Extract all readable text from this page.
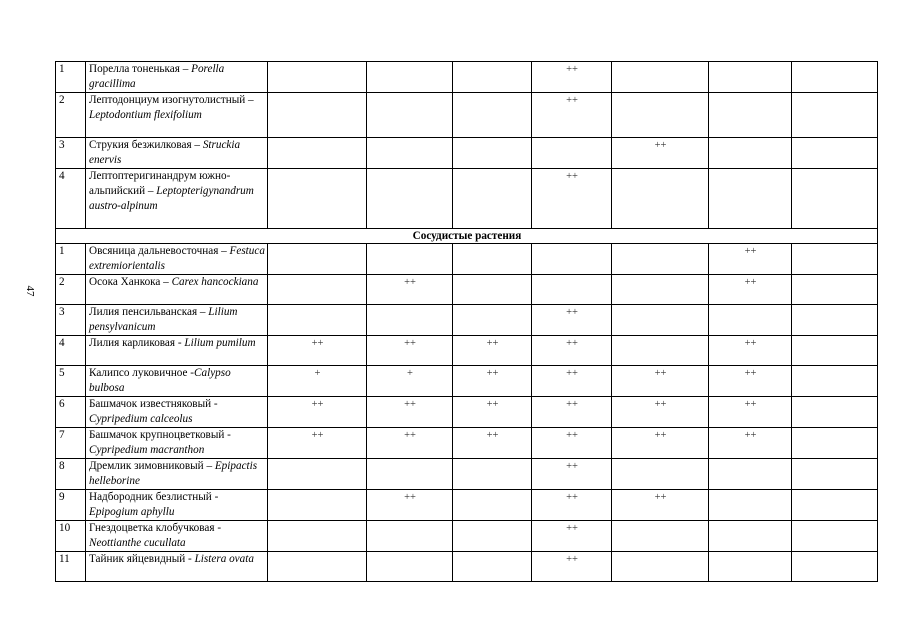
47
1	Порелла тоненькая – Porella gracillima				++			
2	Лептодонциум изогнутолистный – Leptodontium flexifolium				++			
3	Струкия безжилковая – Struckia enervis					++		
4	Лептоптеригинандрум южно-альпийский – Leptopterigynandrum austro-alpinum				++			
Сосудистые растения								
1	Овсяница дальневосточная – Festuca extremiorientalis						++	
2	Осока Ханкока – Carex hancockiana		++				++	
3	Лилия пенсильванская – Lilium pensylvanicum				++			
4	Лилия карликовая - Lilium pumilum	++	++	++	++		++	
5	Калипсо луковичное -Calypso bulbosa	+	+	++	++	++	++	
6	Башмачок известняковый - Cypripedium calceolus	++	++	++	++	++	++	
7	Башмачок крупноцветковый - Cypripedium macranthon	++	++	++	++	++	++	
8	Дремлик зимовниковый – Epipactis helleborine				++			
9	Надбородник безлистный - Epipogium aphyllu		++		++	++		
10	Гнездоцветка клобучковая - Neottianthe cucullata				++			
11	Тайник яйцевидный - Listera ovata				++			
